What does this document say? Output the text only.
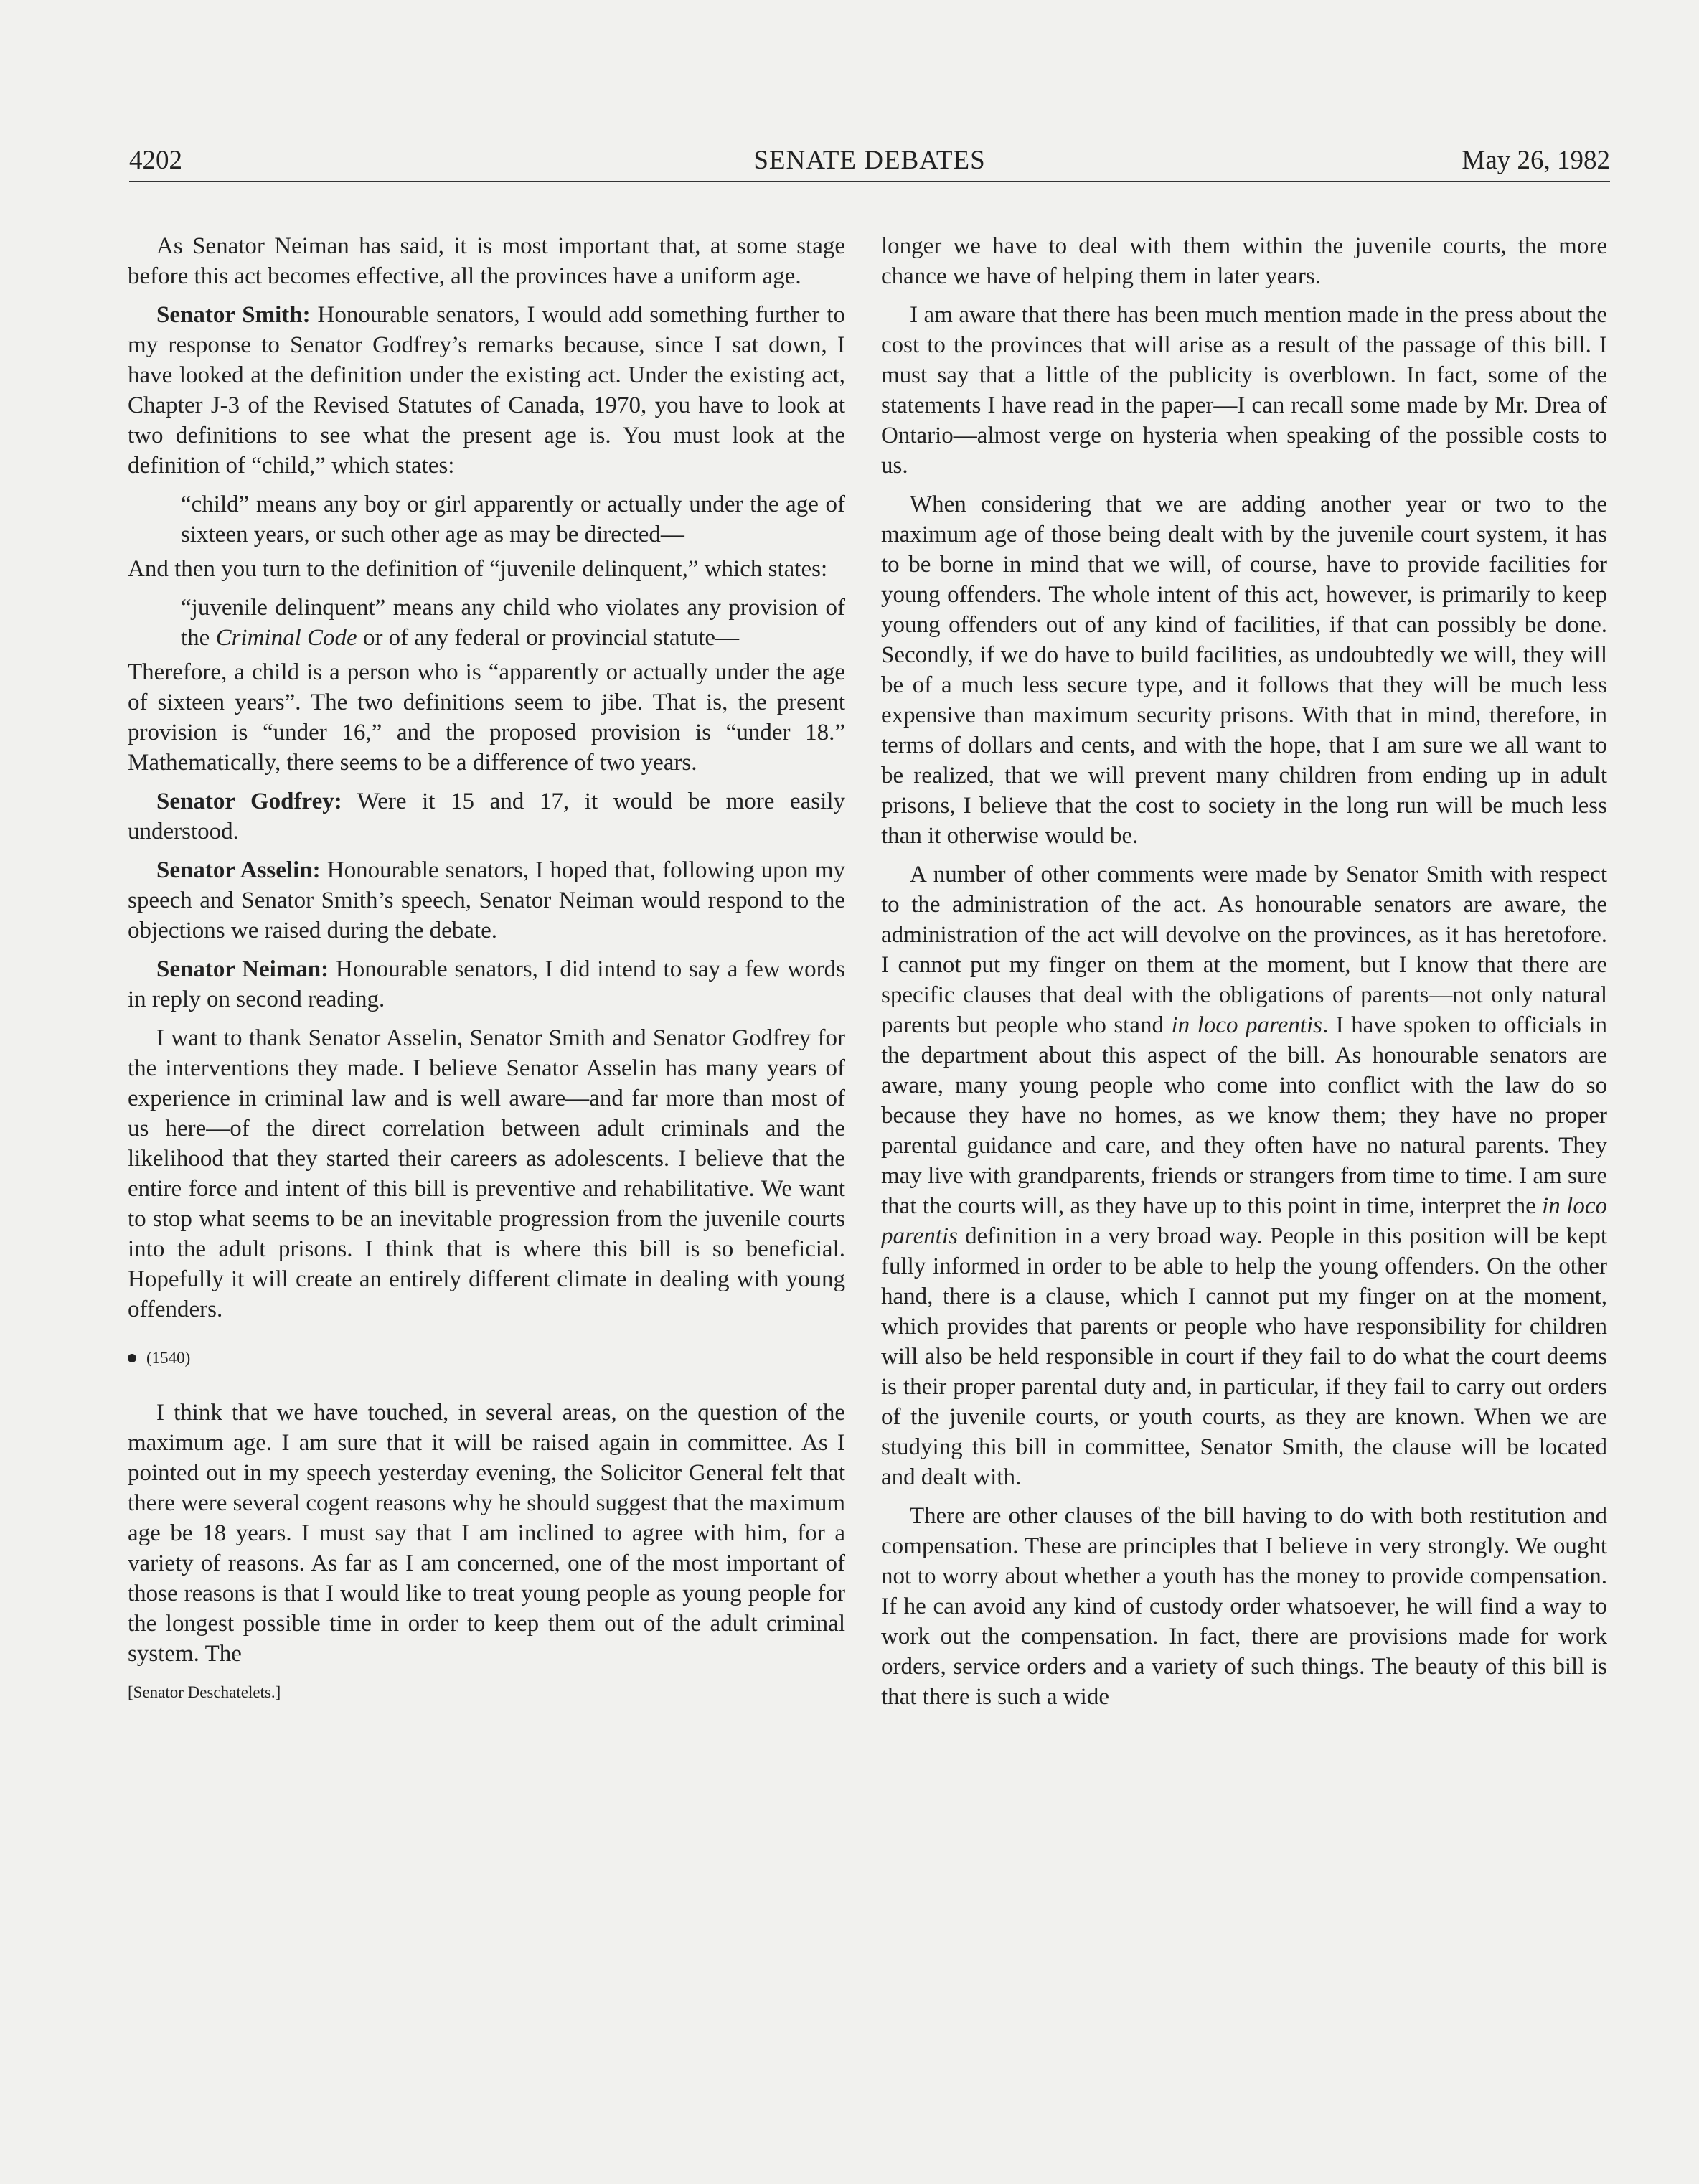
4202	SENATE DEBATES	May 26, 1982

As Senator Neiman has said, it is most important that, at some stage before this act becomes effective, all the provinces have a uniform age.

Senator Smith: Honourable senators, I would add something further to my response to Senator Godfrey’s remarks because, since I sat down, I have looked at the definition under the existing act. Under the existing act, Chapter J-3 of the Revised Statutes of Canada, 1970, you have to look at two definitions to see what the present age is. You must look at the definition of “child,” which states:

“child” means any boy or girl apparently or actually under the age of sixteen years, or such other age as may be directed—

And then you turn to the definition of “juvenile delinquent,” which states:

“juvenile delinquent” means any child who violates any provision of the Criminal Code or of any federal or provincial statute—

Therefore, a child is a person who is “apparently or actually under the age of sixteen years”. The two definitions seem to jibe. That is, the present provision is “under 16,” and the proposed provision is “under 18.” Mathematically, there seems to be a difference of two years.

Senator Godfrey: Were it 15 and 17, it would be more easily understood.

Senator Asselin: Honourable senators, I hoped that, following upon my speech and Senator Smith’s speech, Senator Neiman would respond to the objections we raised during the debate.

Senator Neiman: Honourable senators, I did intend to say a few words in reply on second reading.

I want to thank Senator Asselin, Senator Smith and Senator Godfrey for the interventions they made. I believe Senator Asselin has many years of experience in criminal law and is well aware—and far more than most of us here—of the direct correlation between adult criminals and the likelihood that they started their careers as adolescents. I believe that the entire force and intent of this bill is preventive and rehabilitative. We want to stop what seems to be an inevitable progression from the juvenile courts into the adult prisons. I think that is where this bill is so beneficial. Hopefully it will create an entirely different climate in dealing with young offenders.

(1540)

I think that we have touched, in several areas, on the question of the maximum age. I am sure that it will be raised again in committee. As I pointed out in my speech yesterday evening, the Solicitor General felt that there were several cogent reasons why he should suggest that the maximum age be 18 years. I must say that I am inclined to agree with him, for a variety of reasons. As far as I am concerned, one of the most important of those reasons is that I would like to treat young people as young people for the longest possible time in order to keep them out of the adult criminal system. The

[Senator Deschatelets.]

longer we have to deal with them within the juvenile courts, the more chance we have of helping them in later years.

I am aware that there has been much mention made in the press about the cost to the provinces that will arise as a result of the passage of this bill. I must say that a little of the publicity is overblown. In fact, some of the statements I have read in the paper—I can recall some made by Mr. Drea of Ontario—almost verge on hysteria when speaking of the possible costs to us.

When considering that we are adding another year or two to the maximum age of those being dealt with by the juvenile court system, it has to be borne in mind that we will, of course, have to provide facilities for young offenders. The whole intent of this act, however, is primarily to keep young offenders out of any kind of facilities, if that can possibly be done. Secondly, if we do have to build facilities, as undoubtedly we will, they will be of a much less secure type, and it follows that they will be much less expensive than maximum security prisons. With that in mind, therefore, in terms of dollars and cents, and with the hope, that I am sure we all want to be realized, that we will prevent many children from ending up in adult prisons, I believe that the cost to society in the long run will be much less than it otherwise would be.

A number of other comments were made by Senator Smith with respect to the administration of the act. As honourable senators are aware, the administration of the act will devolve on the provinces, as it has heretofore. I cannot put my finger on them at the moment, but I know that there are specific clauses that deal with the obligations of parents—not only natural parents but people who stand in loco parentis. I have spoken to officials in the department about this aspect of the bill. As honourable senators are aware, many young people who come into conflict with the law do so because they have no homes, as we know them; they have no proper parental guidance and care, and they often have no natural parents. They may live with grandparents, friends or strangers from time to time. I am sure that the courts will, as they have up to this point in time, interpret the in loco parentis definition in a very broad way. People in this position will be kept fully informed in order to be able to help the young offenders. On the other hand, there is a clause, which I cannot put my finger on at the moment, which provides that parents or people who have responsibility for children will also be held responsible in court if they fail to do what the court deems is their proper parental duty and, in particular, if they fail to carry out orders of the juvenile courts, or youth courts, as they are known. When we are studying this bill in committee, Senator Smith, the clause will be located and dealt with.

There are other clauses of the bill having to do with both restitution and compensation. These are principles that I believe in very strongly. We ought not to worry about whether a youth has the money to provide compensation. If he can avoid any kind of custody order whatsoever, he will find a way to work out the compensation. In fact, there are provisions made for work orders, service orders and a variety of such things. The beauty of this bill is that there is such a wide
